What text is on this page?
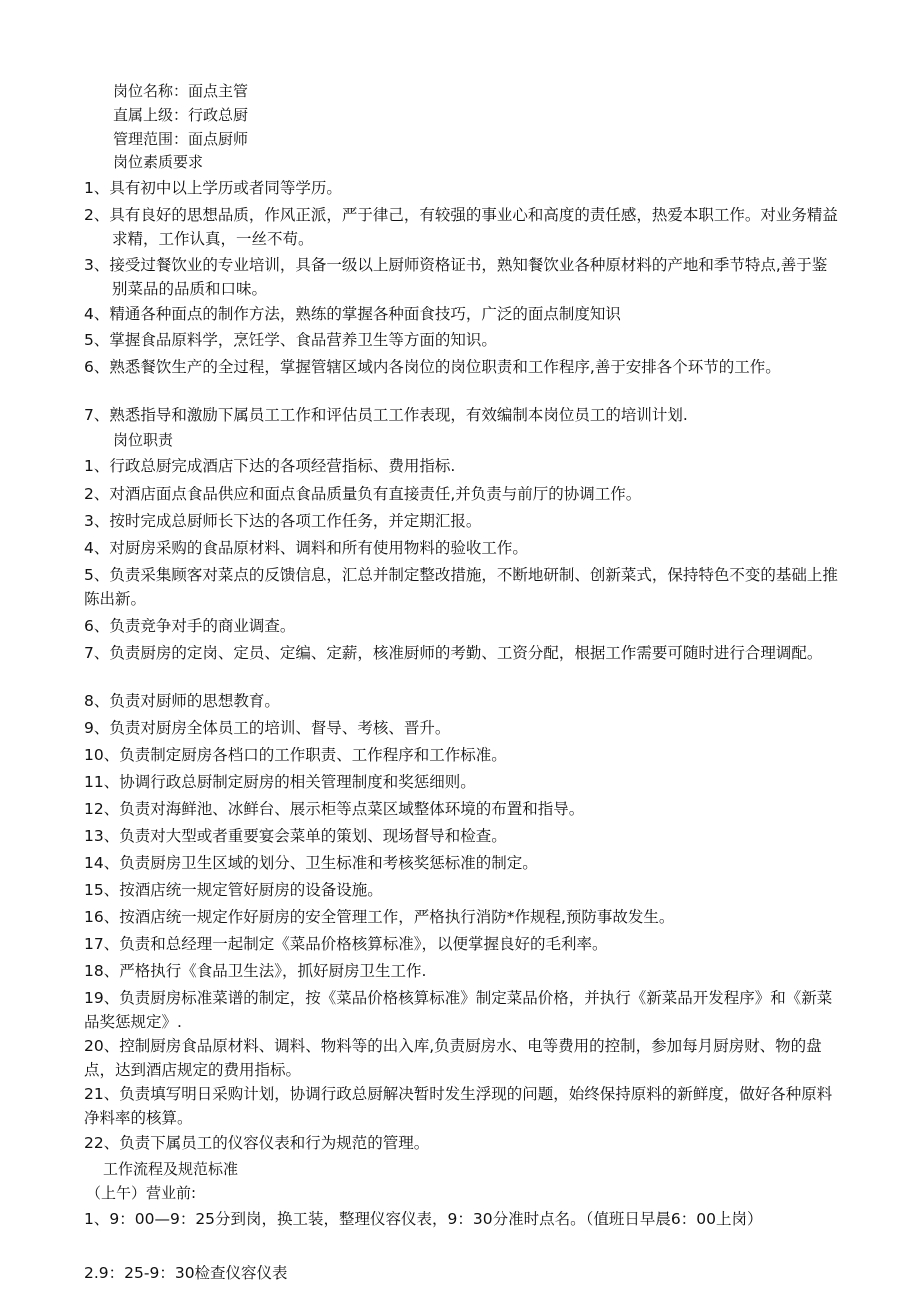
岗位名称：面点主管
直属上级：行政总厨
管理范围：面点厨师
岗位素质要求
1、具有初中以上学历或者同等学历。
2、具有良好的思想品质，作风正派，严于律己，有较强的事业心和高度的责任感，热爱本职工作。对业务精益求精，工作认真，一丝不苟。
3、接受过餐饮业的专业培训，具备一级以上厨师资格证书，熟知餐饮业各种原材料的产地和季节特点,善于鉴别菜品的品质和口味。
4、精通各种面点的制作方法，熟练的掌握各种面食技巧，广泛的面点制度知识
5、掌握食品原料学，烹饪学、食品营养卫生等方面的知识。
6、熟悉餐饮生产的全过程，掌握管辖区域内各岗位的岗位职责和工作程序,善于安排各个环节的工作。
7、熟悉指导和激励下属员工工作和评估员工工作表现，有效编制本岗位员工的培训计划.
岗位职责
1、行政总厨完成酒店下达的各项经营指标、费用指标.
2、对酒店面点食品供应和面点食品质量负有直接责任,并负责与前厅的协调工作。
3、按时完成总厨师长下达的各项工作任务，并定期汇报。
4、对厨房采购的食品原材料、调料和所有使用物料的验收工作。
5、负责采集顾客对菜点的反馈信息，汇总并制定整改措施，不断地研制、创新菜式，保持特色不变的基础上推陈出新。
6、负责竞争对手的商业调查。
7、负责厨房的定岗、定员、定编、定薪，核准厨师的考勤、工资分配，根据工作需要可随时进行合理调配。
8、负责对厨师的思想教育。
9、负责对厨房全体员工的培训、督导、考核、晋升。
10、负责制定厨房各档口的工作职责、工作程序和工作标准。
11、协调行政总厨制定厨房的相关管理制度和奖惩细则。
12、负责对海鲜池、冰鲜台、展示柜等点菜区域整体环境的布置和指导。
13、负责对大型或者重要宴会菜单的策划、现场督导和检查。
14、负责厨房卫生区域的划分、卫生标准和考核奖惩标准的制定。
15、按酒店统一规定管好厨房的设备设施。
16、按酒店统一规定作好厨房的安全管理工作，严格执行消防*作规程,预防事故发生。
17、负责和总经理一起制定《菜品价格核算标准》，以便掌握良好的毛利率。
18、严格执行《食品卫生法》，抓好厨房卫生工作.
19、负责厨房标准菜谱的制定，按《菜品价格核算标准》制定菜品价格，并执行《新菜品开发程序》和《新菜品奖惩规定》.
20、控制厨房食品原材料、调料、物料等的出入库,负责厨房水、电等费用的控制，参加每月厨房财、物的盘点，达到酒店规定的费用指标。
21、负责填写明日采购计划，协调行政总厨解决暂时发生浮现的问题，始终保持原料的新鲜度，做好各种原料净料率的核算。
22、负责下属员工的仪容仪表和行为规范的管理。
工作流程及规范标准
（上午）营业前:
1、9：00—9：25分到岗，换工装，整理仪容仪表，9：30分准时点名。（值班日早晨6：00上岗）
2.9：25-9：30检查仪容仪表
